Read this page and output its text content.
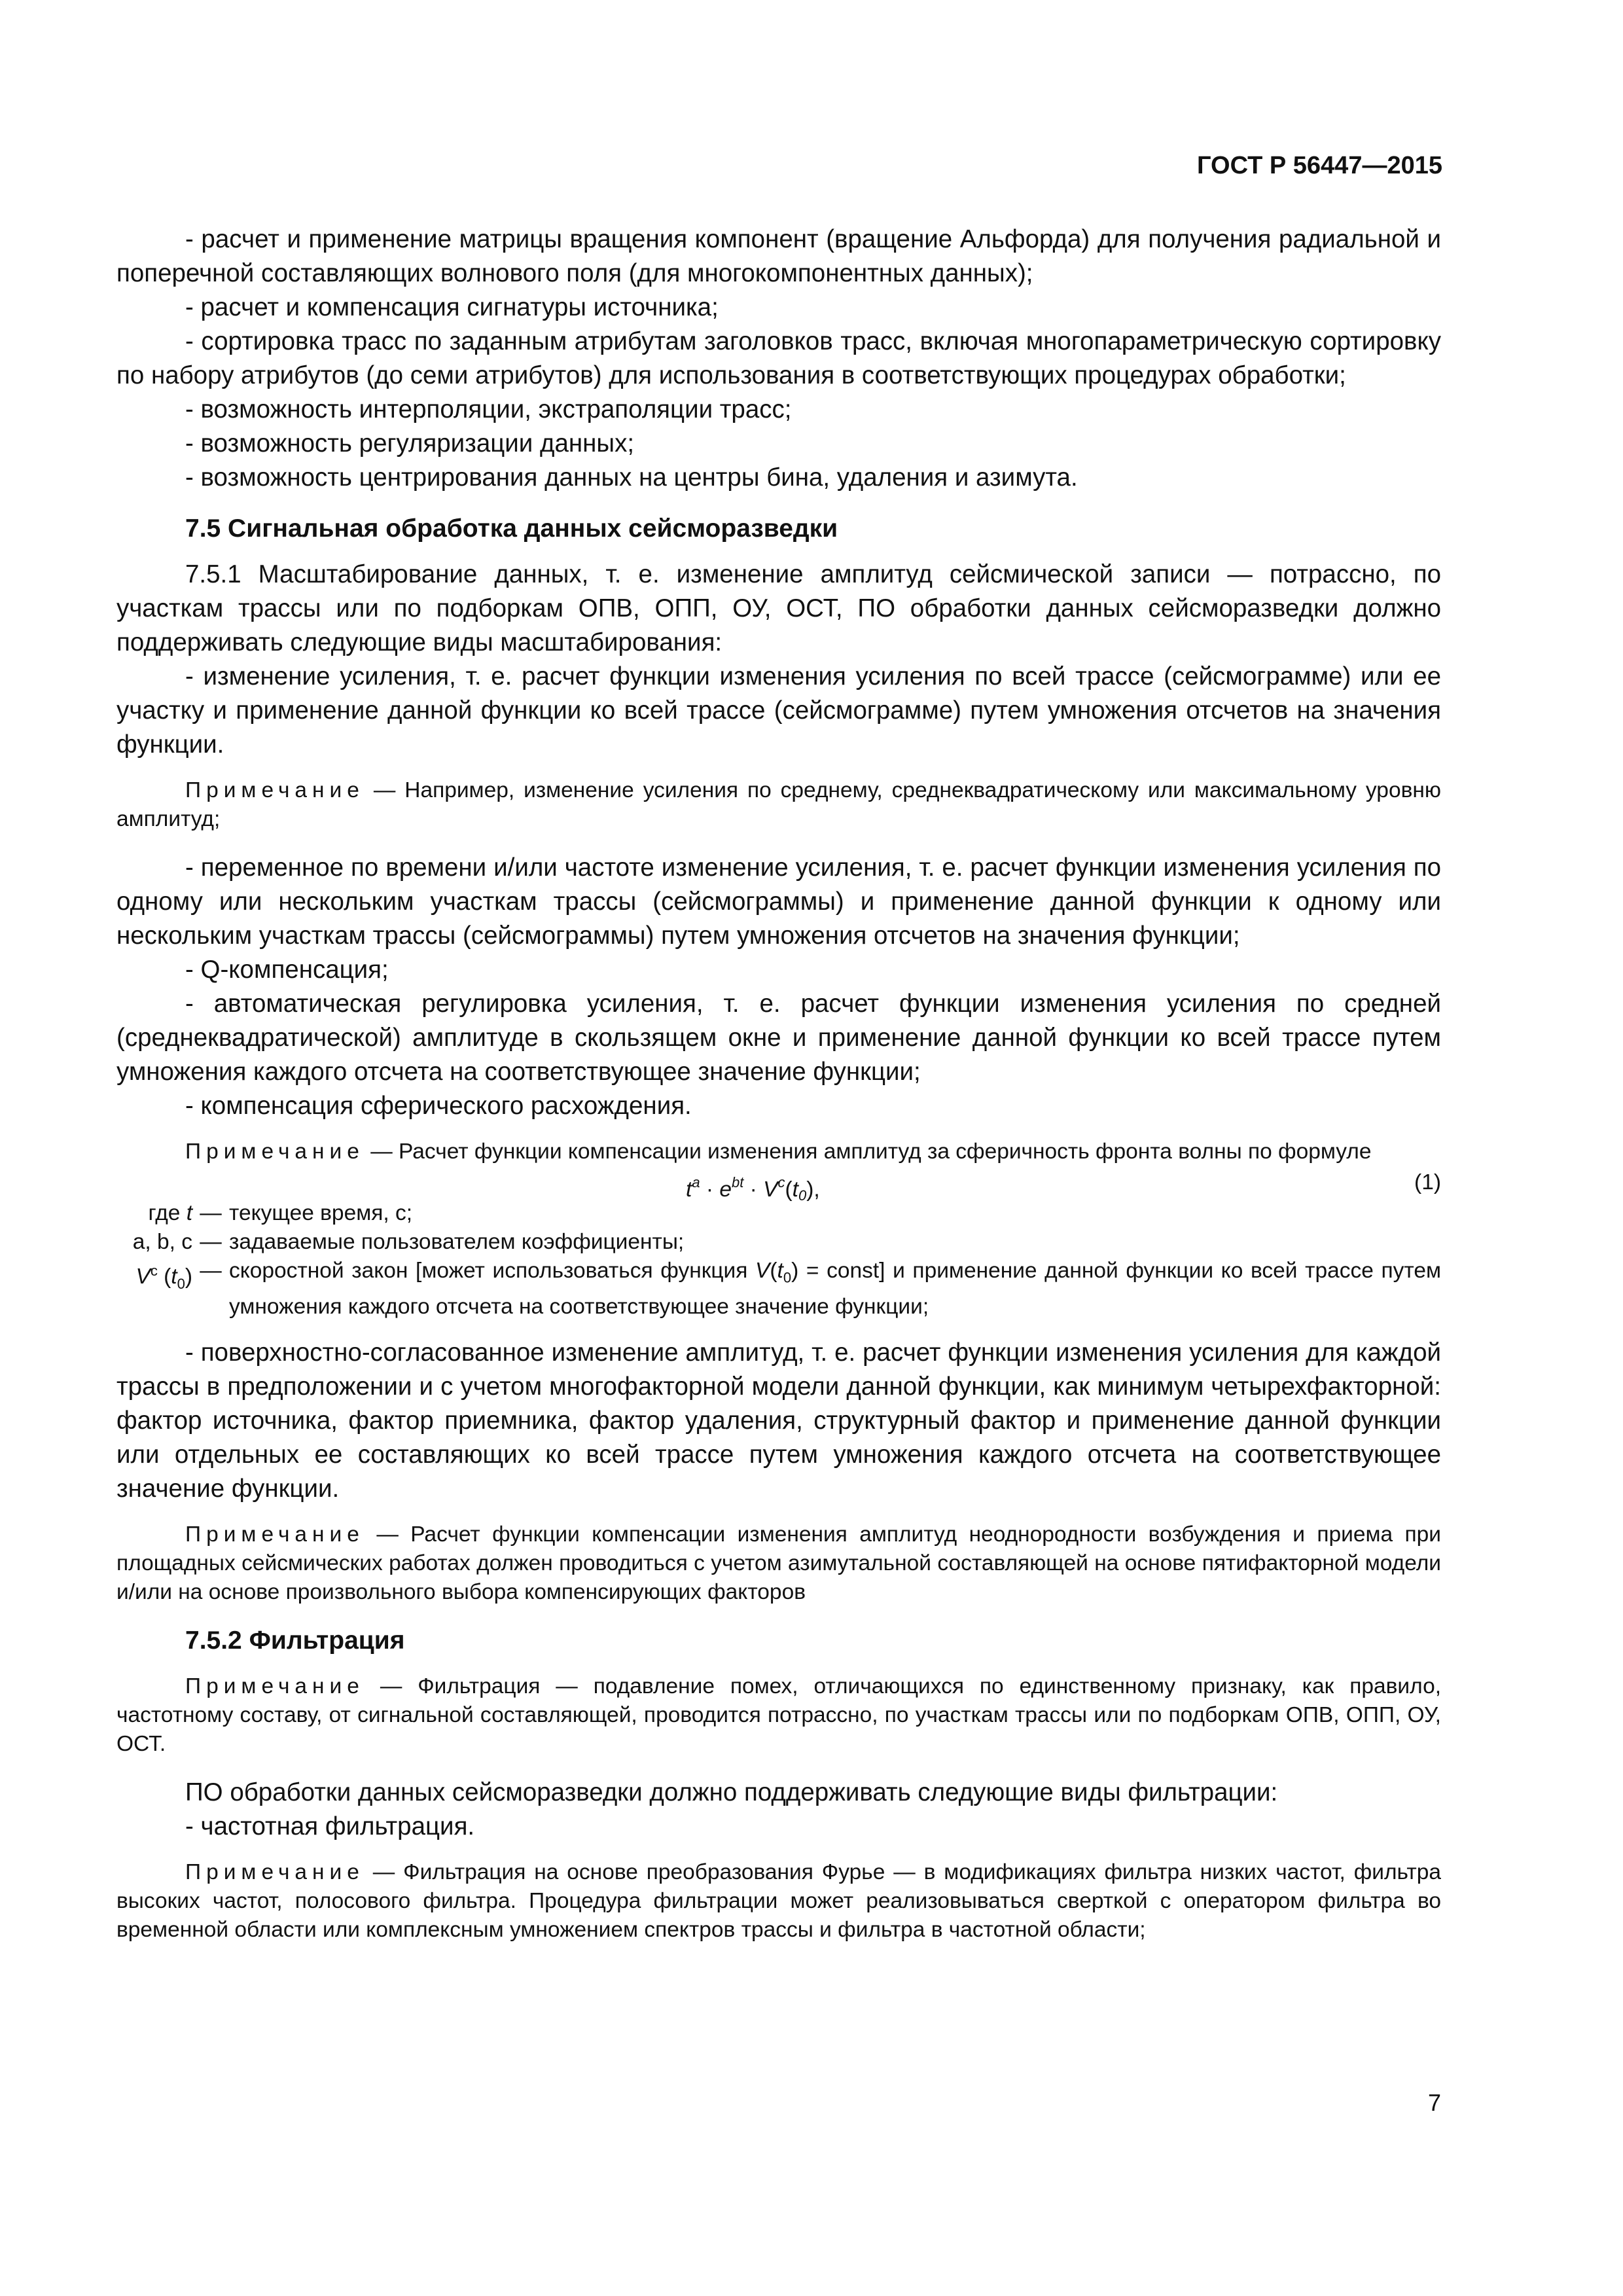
ГОСТ Р 56447—2015

- расчет и применение матрицы вращения компонент (вращение Альфорда) для получения радиальной и поперечной составляющих волнового поля (для многокомпонентных данных);

- расчет и компенсация сигнатуры источника;

- сортировка трасс по заданным атрибутам заголовков трасс, включая многопараметрическую сортировку по набору атрибутов (до семи атрибутов) для использования в соответствующих процедурах обработки;

- возможность интерполяции, экстраполяции трасс;

- возможность регуляризации данных;

- возможность центрирования данных на центры бина, удаления и азимута.

7.5 Сигнальная обработка данных сейсморазведки

7.5.1 Масштабирование данных, т. е. изменение амплитуд сейсмической записи — потрассно, по участкам трассы или по подборкам ОПВ, ОПП, ОУ, ОСТ, ПО обработки данных сейсморазведки должно поддерживать следующие виды масштабирования:

- изменение усиления, т. е. расчет функции изменения усиления по всей трассе (сейсмограмме) или ее участку и применение данной функции ко всей трассе (сейсмограмме) путем умножения отсчетов на значения функции.

Примечание — Например, изменение усиления по среднему, среднеквадратическому или максимальному уровню амплитуд;

- переменное по времени и/или частоте изменение усиления, т. е. расчет функции изменения усиления по одному или нескольким участкам трассы (сейсмограммы) и применение данной функции к одному или нескольким участкам трассы (сейсмограммы) путем умножения отсчетов на значения функции;

- Q-компенсация;

- автоматическая регулировка усиления, т. е. расчет функции изменения усиления по средней (среднеквадратической) амплитуде в скользящем окне и применение данной функции ко всей трассе путем умножения каждого отсчета на соответствующее значение функции;

- компенсация сферического расхождения.

Примечание — Расчет функции компенсации изменения амплитуд за сферичность фронта волны по формуле

$t^a \cdot e^{bt} \cdot V^c(t_0)$,	(1)
где t — текущее время, с;
a, b, c — задаваемые пользователем коэффициенты;
$V^c$ $(t_0)$ — скоростной закон [может использоваться функция $V(t_0)$ = const] и применение данной функции ко всей трассе путем умножения каждого отсчета на соответствующее значение функции;

- поверхностно-согласованное изменение амплитуд, т. е. расчет функции изменения усиления для каждой трассы в предположении и с учетом многофакторной модели данной функции, как минимум четырехфакторной: фактор источника, фактор приемника, фактор удаления, структурный фактор и применение данной функции или отдельных ее составляющих ко всей трассе путем умножения каждого отсчета на соответствующее значение функции.

Примечание — Расчет функции компенсации изменения амплитуд неоднородности возбуждения и приема при площадных сейсмических работах должен проводиться с учетом азимутальной составляющей на основе пятифакторной модели и/или на основе произвольного выбора компенсирующих факторов

7.5.2 Фильтрация

Примечание — Фильтрация — подавление помех, отличающихся по единственному признаку, как правило, частотному составу, от сигнальной составляющей, проводится потрассно, по участкам трассы или по подборкам ОПВ, ОПП, ОУ, ОСТ.

ПО обработки данных сейсморазведки должно поддерживать следующие виды фильтрации:

- частотная фильтрация.

Примечание — Фильтрация на основе преобразования Фурье — в модификациях фильтра низких частот, фильтра высоких частот, полосового фильтра. Процедура фильтрации может реализовываться сверткой с оператором фильтра во временной области или комплексным умножением спектров трассы и фильтра в частотной области;

7
